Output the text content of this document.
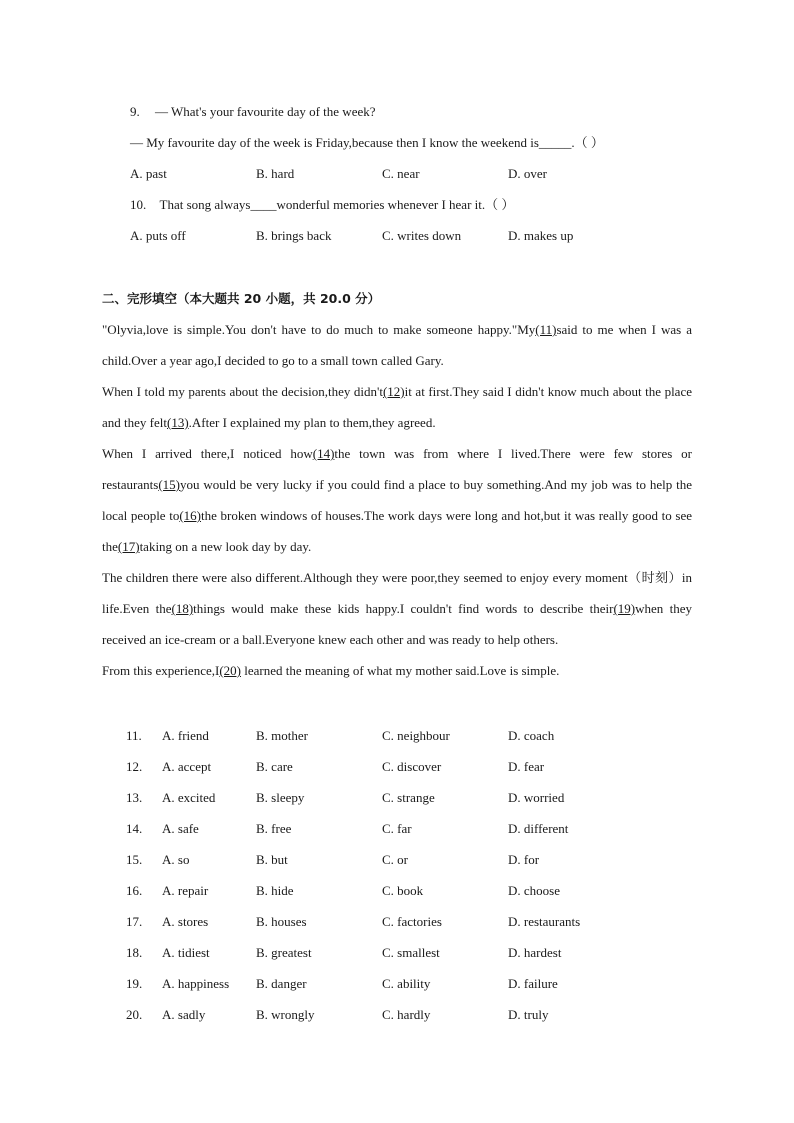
9. — What's your favourite day of the week?
— My favourite day of the week is Friday,because then I know the weekend is_____.（ ）
A. past	B. hard	C. near	D. over
10. That song always____wonderful memories whenever I hear it.（ ）
A. puts off	B. brings back	C. writes down	D. makes up
二、完形填空（本大题共 20 小题，共 20.0 分）

"Olyvia,love is simple.You don't have to do much to make someone happy."My(11)said to me when I was a child.Over a year ago,I decided to go to a small town called Gary.

When I told my parents about the decision,they didn't(12)it at first.They said I didn't know much about the place and they felt(13).After I explained my plan to them,they agreed.

When I arrived there,I noticed how(14)the town was from where I lived.There were few stores or restaurants(15)you would be very lucky if you could find a place to buy something.And my job was to help the local people to(16)the broken windows of houses.The work days were long and hot,but it was really good to see the(17)taking on a new look day by day.

The children there were also different.Although they were poor,they seemed to enjoy every moment（时刻）in life.Even the(18)things would make these kids happy.I couldn't find words to describe their(19)when they received an ice-cream or a ball.Everyone knew each other and was ready to help others.

From this experience,I(20) learned the meaning of what my mother said.Love is simple.

11. A. friend	B. mother	C. neighbour	D. coach
12. A. accept	B. care	C. discover	D. fear
13. A. excited	B. sleepy	C. strange	D. worried
14. A. safe	B. free	C. far	D. different
15. A. so	B. but	C. or	D. for
16. A. repair	B. hide	C. book	D. choose
17. A. stores	B. houses	C. factories	D. restaurants
18. A. tidiest	B. greatest	C. smallest	D. hardest
19. A. happiness B. danger	C. ability	D. failure
20. A. sadly	B. wrongly	C. hardly	D. truly
